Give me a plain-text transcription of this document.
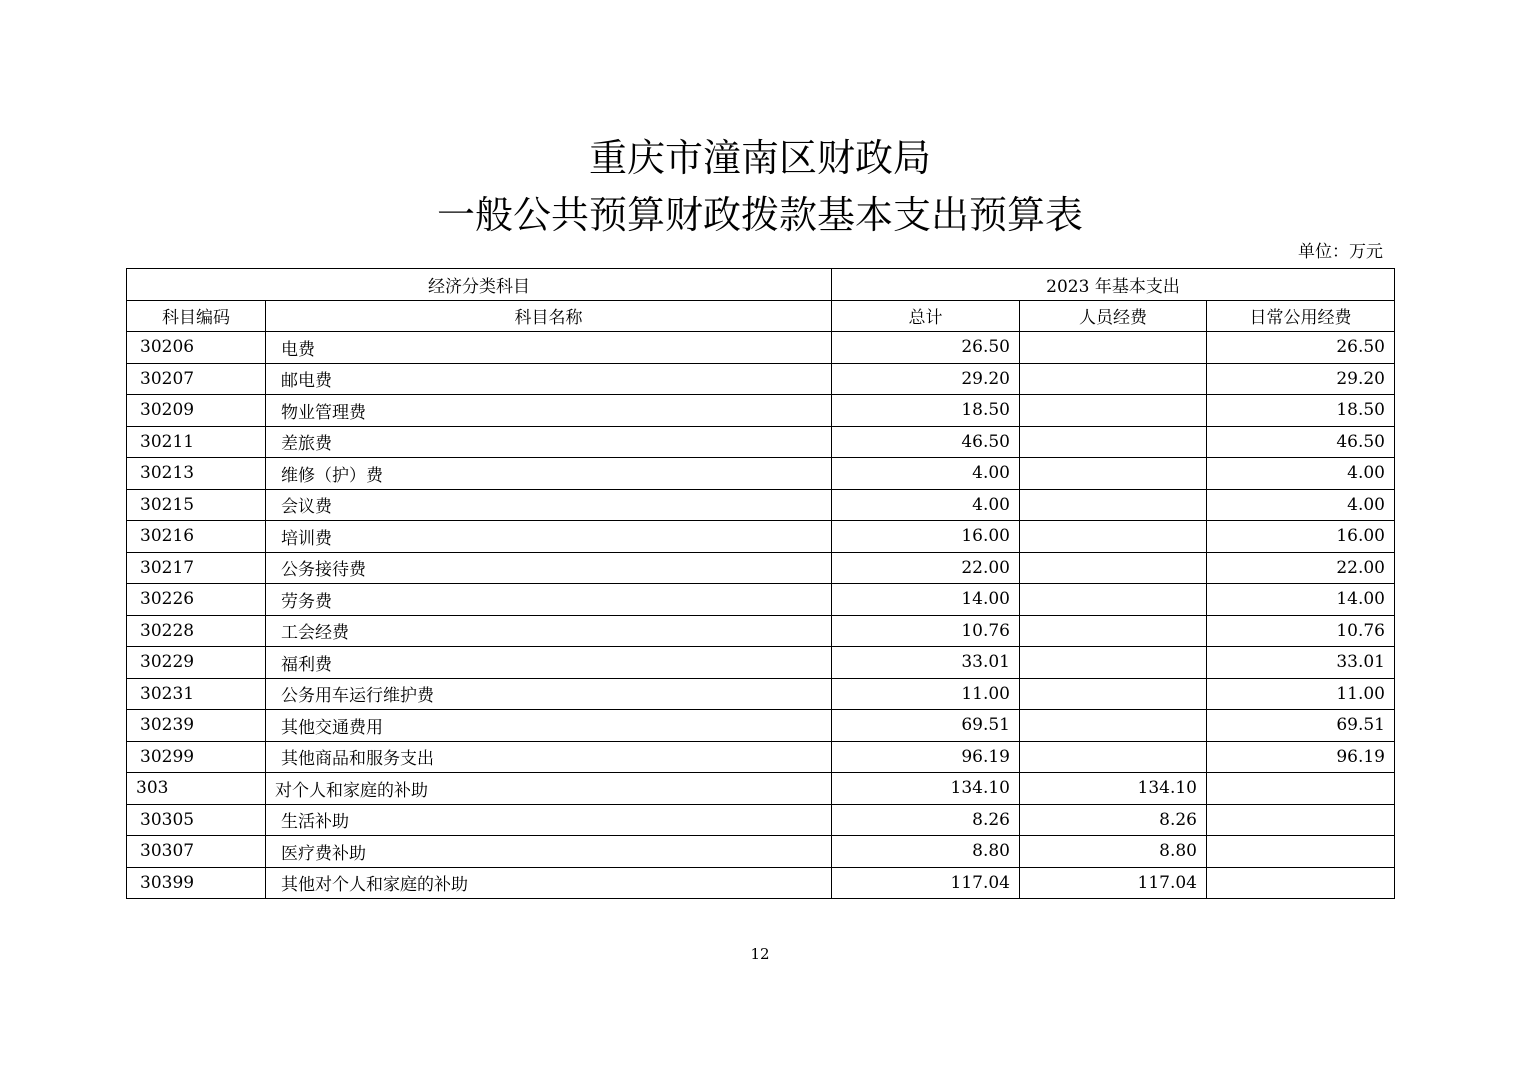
重庆市潼南区财政局
一般公共预算财政拨款基本支出预算表
单位：万元
经济分类科目		2023 年基本支出		
科目编码	科目名称	总计	人员经费	日常公用经费
30206	电费	26.50		26.50
30207	邮电费	29.20		29.20
30209	物业管理费	18.50		18.50
30211	差旅费	46.50		46.50
30213	维修（护）费	4.00		4.00
30215	会议费	4.00		4.00
30216	培训费	16.00		16.00
30217	公务接待费	22.00		22.00
30226	劳务费	14.00		14.00
30228	工会经费	10.76		10.76
30229	福利费	33.01		33.01
30231	公务用车运行维护费	11.00		11.00
30239	其他交通费用	69.51		69.51
30299	其他商品和服务支出	96.19		96.19
303	对个人和家庭的补助	134.10	134.10	
30305	生活补助	8.26	8.26	
30307	医疗费补助	8.80	8.80	
30399	其他对个人和家庭的补助	117.04	117.04	
12
